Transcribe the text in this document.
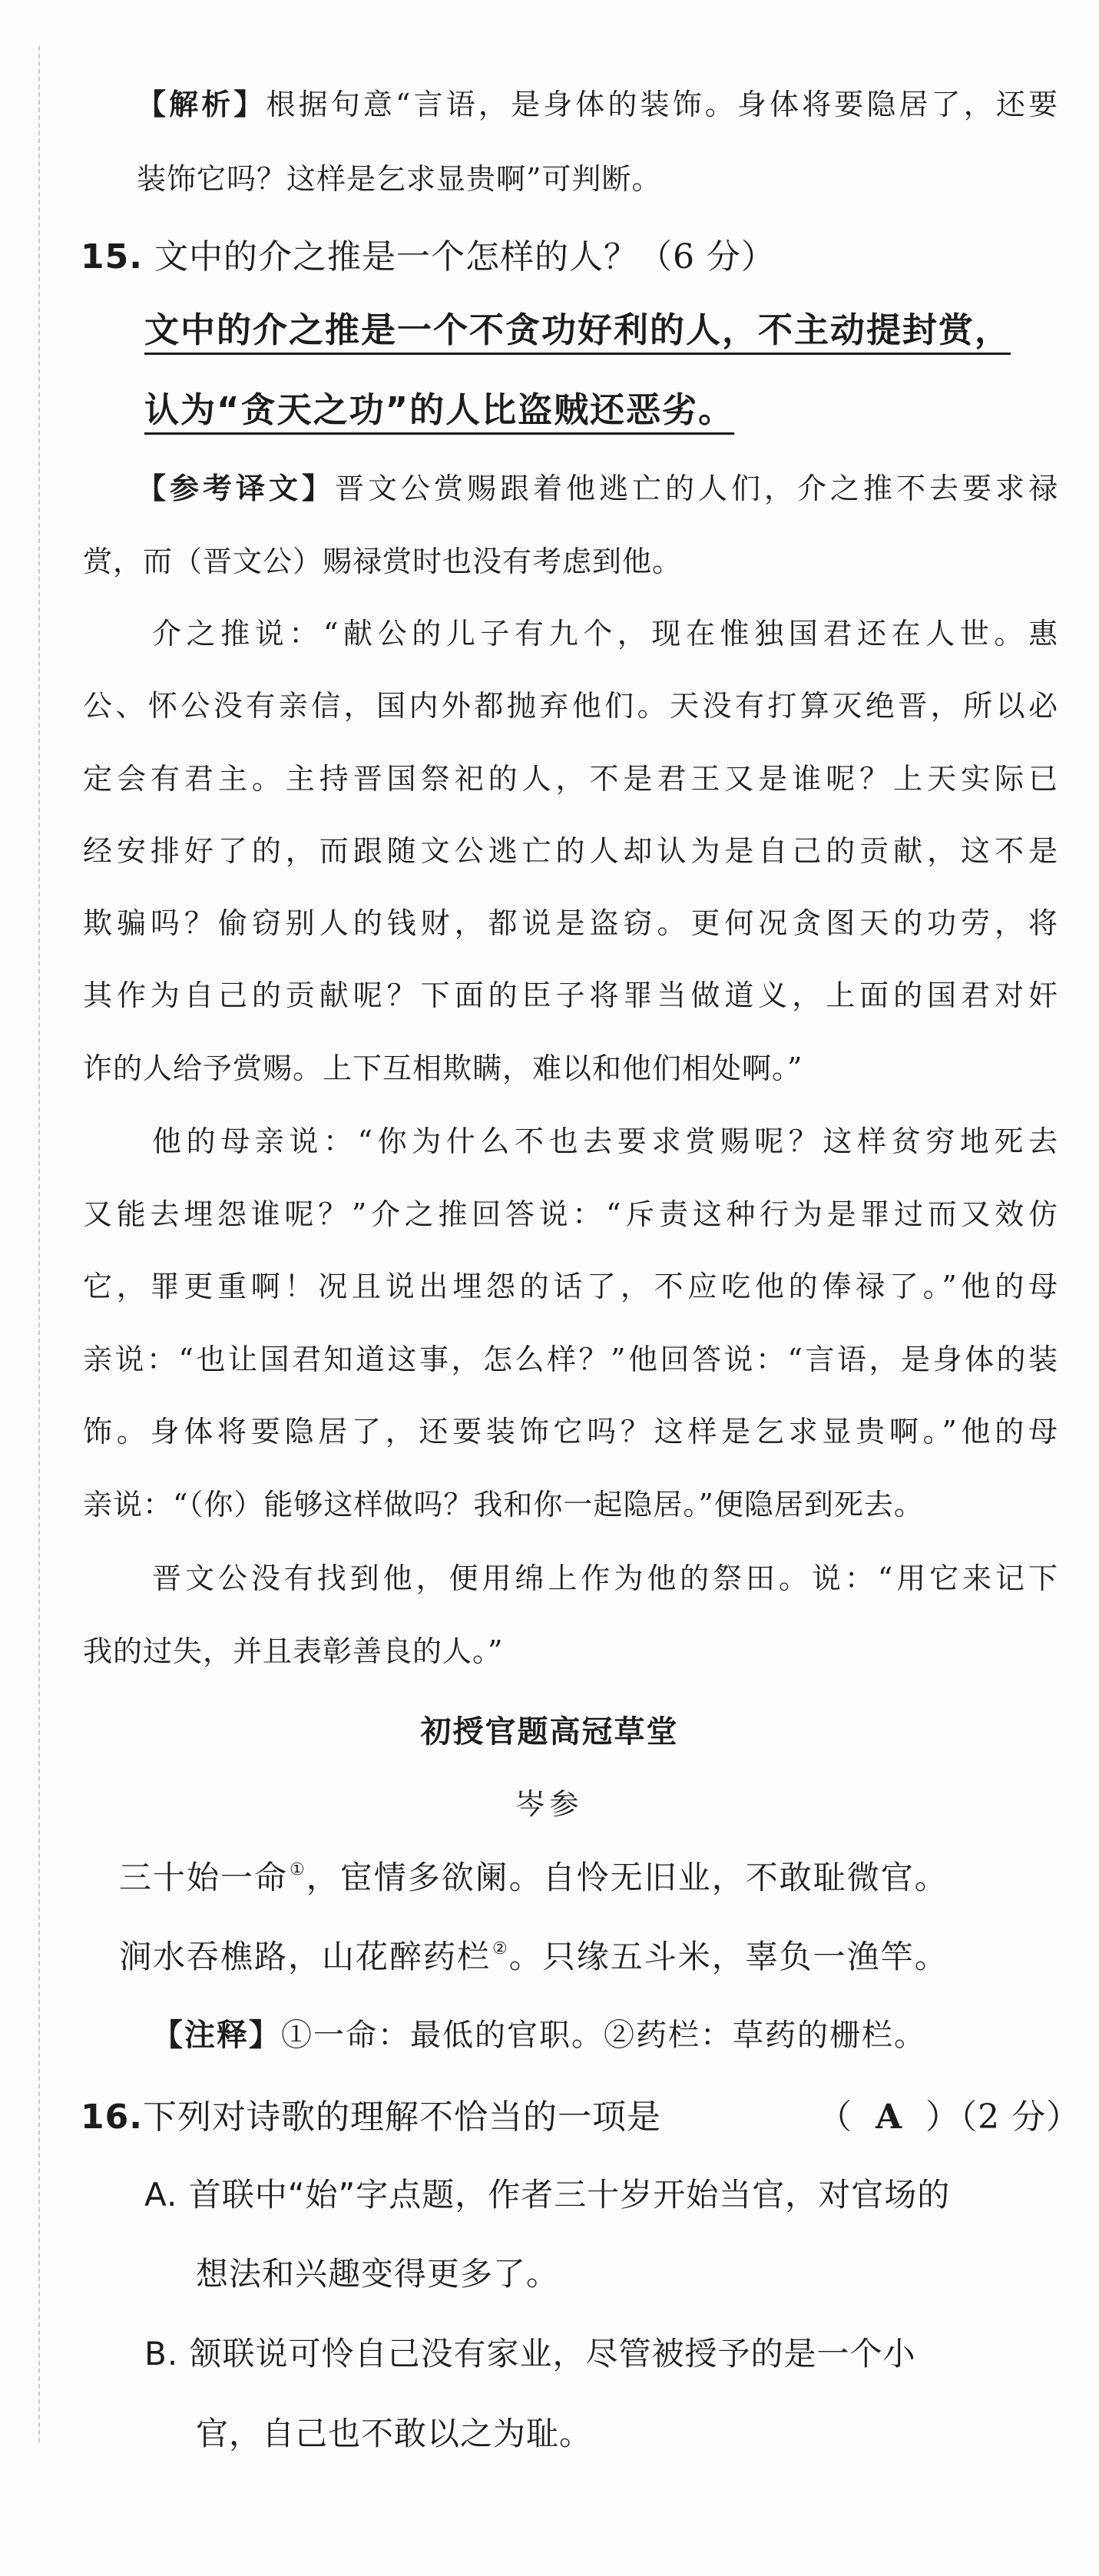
【解析】根据句意“言语，是身体的装饰。身体将要隐居了，还要
装饰它吗？这样是乞求显贵啊”可判断。
15. 文中的介之推是一个怎样的人？（6 分）
文中的介之推是一个不贪功好利的人，不主动提封赏，
认为“贪天之功”的人比盗贼还恶劣。
【参考译文】晋文公赏赐跟着他逃亡的人们，介之推不去要求禄
赏，而（晋文公）赐禄赏时也没有考虑到他。
介之推说：“献公的儿子有九个，现在惟独国君还在人世。惠
公、怀公没有亲信，国内外都抛弃他们。天没有打算灭绝晋，所以必
定会有君主。主持晋国祭祀的人，不是君王又是谁呢？上天实际已
经安排好了的，而跟随文公逃亡的人却认为是自己的贡献，这不是
欺骗吗？偷窃别人的钱财，都说是盗窃。更何况贪图天的功劳，将
其作为自己的贡献呢？下面的臣子将罪当做道义，上面的国君对奸
诈的人给予赏赐。上下互相欺瞒，难以和他们相处啊。”
他的母亲说：“你为什么不也去要求赏赐呢？这样贫穷地死去
又能去埋怨谁呢？”介之推回答说：“斥责这种行为是罪过而又效仿
它，罪更重啊！况且说出埋怨的话了，不应吃他的俸禄了。”他的母
亲说：“也让国君知道这事，怎么样？”他回答说：“言语，是身体的装
饰。身体将要隐居了，还要装饰它吗？这样是乞求显贵啊。”他的母
亲说：“（你）能够这样做吗？我和你一起隐居。”便隐居到死去。
晋文公没有找到他，便用绵上作为他的祭田。说：“用它来记下
我的过失，并且表彰善良的人。”
初授官题高冠草堂
岑参
三十始一命①，宦情多欲阑。自怜无旧业，不敢耻微官。
涧水吞樵路，山花醉药栏②。只缘五斗米，辜负一渔竿。
【注释】①一命：最低的官职。②药栏：草药的栅栏。
16.下列对诗歌的理解不恰当的一项是	（ A ）（2 分）
A. 首联中“始”字点题，作者三十岁开始当官，对官场的
想法和兴趣变得更多了。
B. 颔联说可怜自己没有家业，尽管被授予的是一个小
官，自己也不敢以之为耻。
